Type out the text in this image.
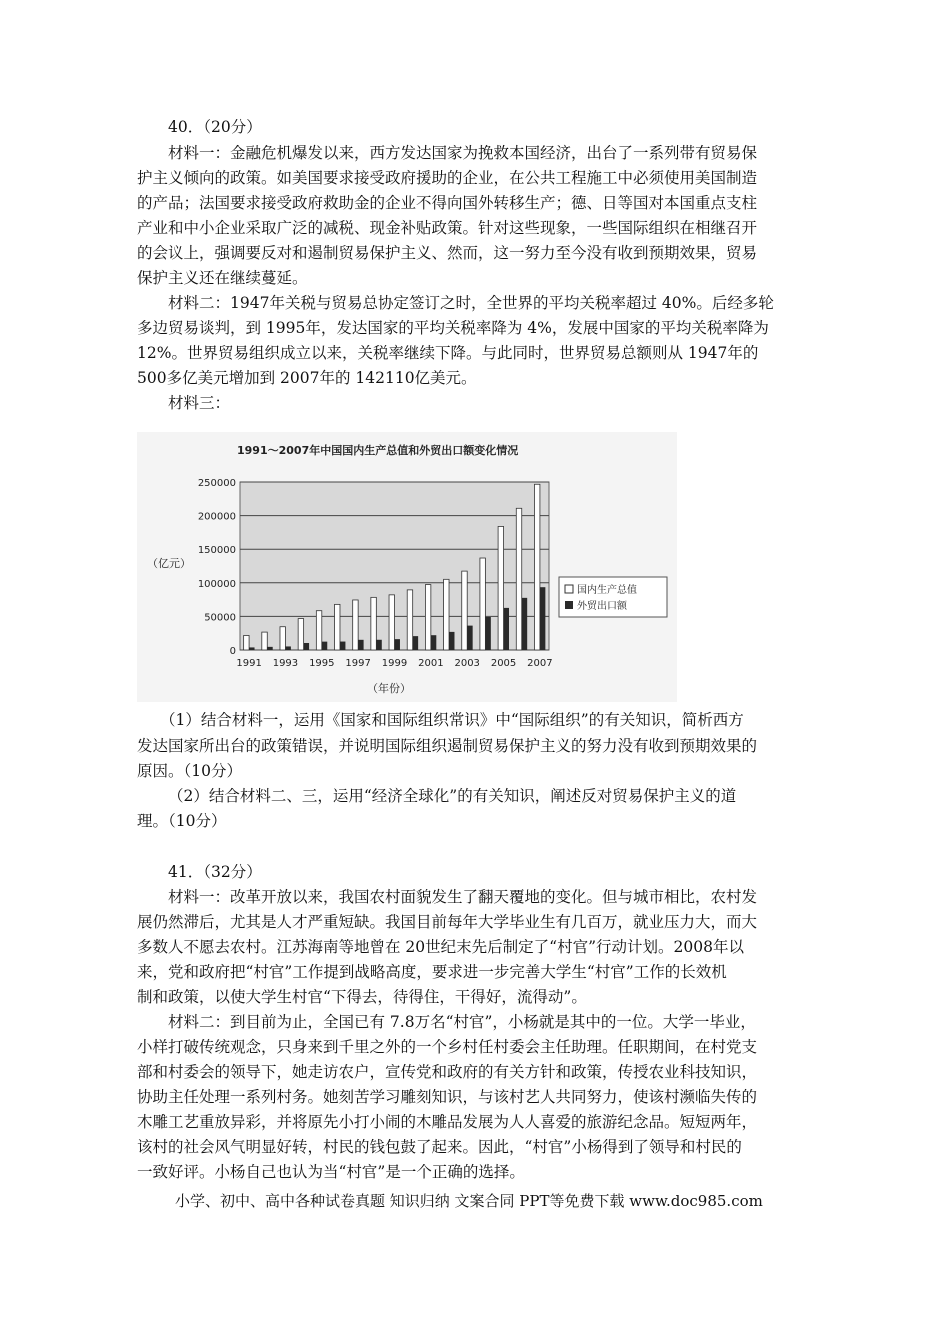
40．（20分）
材料一：金融危机爆发以来，西方发达国家为挽救本国经济，出台了一系列带有贸易保
护主义倾向的政策。如美国要求接受政府援助的企业，在公共工程施工中必须使用美国制造
的产品；法国要求接受政府救助金的企业不得向国外转移生产；德、日等国对本国重点支柱
产业和中小企业采取广泛的减税、现金补贴政策。针对这些现象，一些国际组织在相继召开
的会议上，强调要反对和遏制贸易保护主义、然而，这一努力至今没有收到预期效果，贸易
保护主义还在继续蔓延。
材料二：1947年关税与贸易总协定签订之时，全世界的平均关税率超过 40%。后经多轮
多边贸易谈判，到 1995年，发达国家的平均关税率降为 4%，发展中国家的平均关税率降为
12%。世界贸易组织成立以来，关税率继续下降。与此同时，世界贸易总额则从 1947年的
500多亿美元增加到 2007年的 142110亿美元。
材料三：
1991～2007年中国国内生产总值和外贸出口额变化情况
（亿元）
（年份）
0
50000
100000
150000
200000
250000
1991 1993 1995 1997 1999 2001 2003 2005 2007
国内生产总值
外贸出口额
（1）结合材料一，运用《国家和国际组织常识》中“国际组织”的有关知识，简析西方
发达国家所出台的政策错误，并说明国际组织遏制贸易保护主义的努力没有收到预期效果的
原因。（10分）
（2）结合材料二、三，运用“经济全球化”的有关知识，阐述反对贸易保护主义的道
理。（10分）
41．（32分）
材料一：改革开放以来，我国农村面貌发生了翻天覆地的变化。但与城市相比，农村发
展仍然滞后，尤其是人才严重短缺。我国目前每年大学毕业生有几百万，就业压力大，而大
多数人不愿去农村。江苏海南等地曾在 20世纪末先后制定了“村官”行动计划。2008年以
来，党和政府把“村官”工作提到战略高度，要求进一步完善大学生“村官”工作的长效机
制和政策，以使大学生村官“下得去，待得住，干得好，流得动”。
材料二：到目前为止，全国已有 7.8万名“村官”，小杨就是其中的一位。大学一毕业，
小样打破传统观念，只身来到千里之外的一个乡村任村委会主任助理。任职期间，在村党支
部和村委会的领导下，她走访农户，宣传党和政府的有关方针和政策，传授农业科技知识，
协助主任处理一系列村务。她刻苦学习雕刻知识，与该村艺人共同努力，使该村濒临失传的
木雕工艺重放异彩，并将原先小打小闹的木雕品发展为人人喜爱的旅游纪念品。短短两年，
该村的社会风气明显好转，村民的钱包鼓了起来。因此，“村官”小杨得到了领导和村民的
一致好评。小杨自己也认为当“村官”是一个正确的选择。
小学、初中、高中各种试卷真题 知识归纳 文案合同 PPT等免费下载 www.doc985.com
